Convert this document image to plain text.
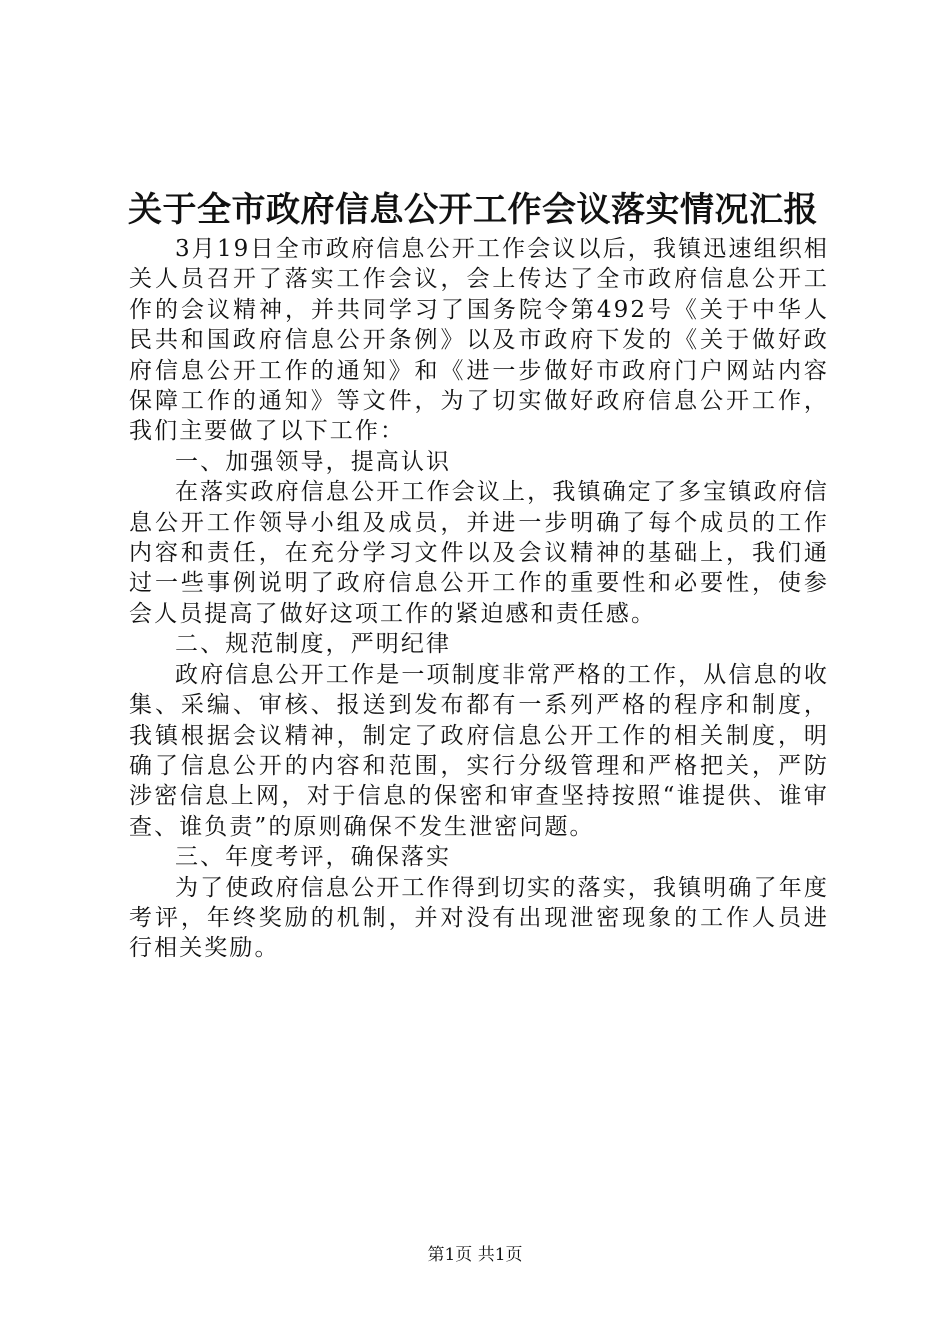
关于全市政府信息公开工作会议落实情况汇报

3月19日全市政府信息公开工作会议以后，我镇迅速组织相关人员召开了落实工作会议，会上传达了全市政府信息公开工作的会议精神，并共同学习了国务院令第492号《关于中华人民共和国政府信息公开条例》以及市政府下发的《关于做好政府信息公开工作的通知》和《进一步做好市政府门户网站内容保障工作的通知》等文件，为了切实做好政府信息公开工作，我们主要做了以下工作：

一、加强领导，提高认识

在落实政府信息公开工作会议上，我镇确定了多宝镇政府信息公开工作领导小组及成员，并进一步明确了每个成员的工作内容和责任，在充分学习文件以及会议精神的基础上，我们通过一些事例说明了政府信息公开工作的重要性和必要性，使参会人员提高了做好这项工作的紧迫感和责任感。

二、规范制度，严明纪律

政府信息公开工作是一项制度非常严格的工作，从信息的收集、采编、审核、报送到发布都有一系列严格的程序和制度，我镇根据会议精神，制定了政府信息公开工作的相关制度，明确了信息公开的内容和范围，实行分级管理和严格把关，严防涉密信息上网，对于信息的保密和审查坚持按照“谁提供、谁审查、谁负责”的原则确保不发生泄密问题。

三、年度考评，确保落实

为了使政府信息公开工作得到切实的落实，我镇明确了年度考评，年终奖励的机制，并对没有出现泄密现象的工作人员进行相关奖励。

第1页 共1页
